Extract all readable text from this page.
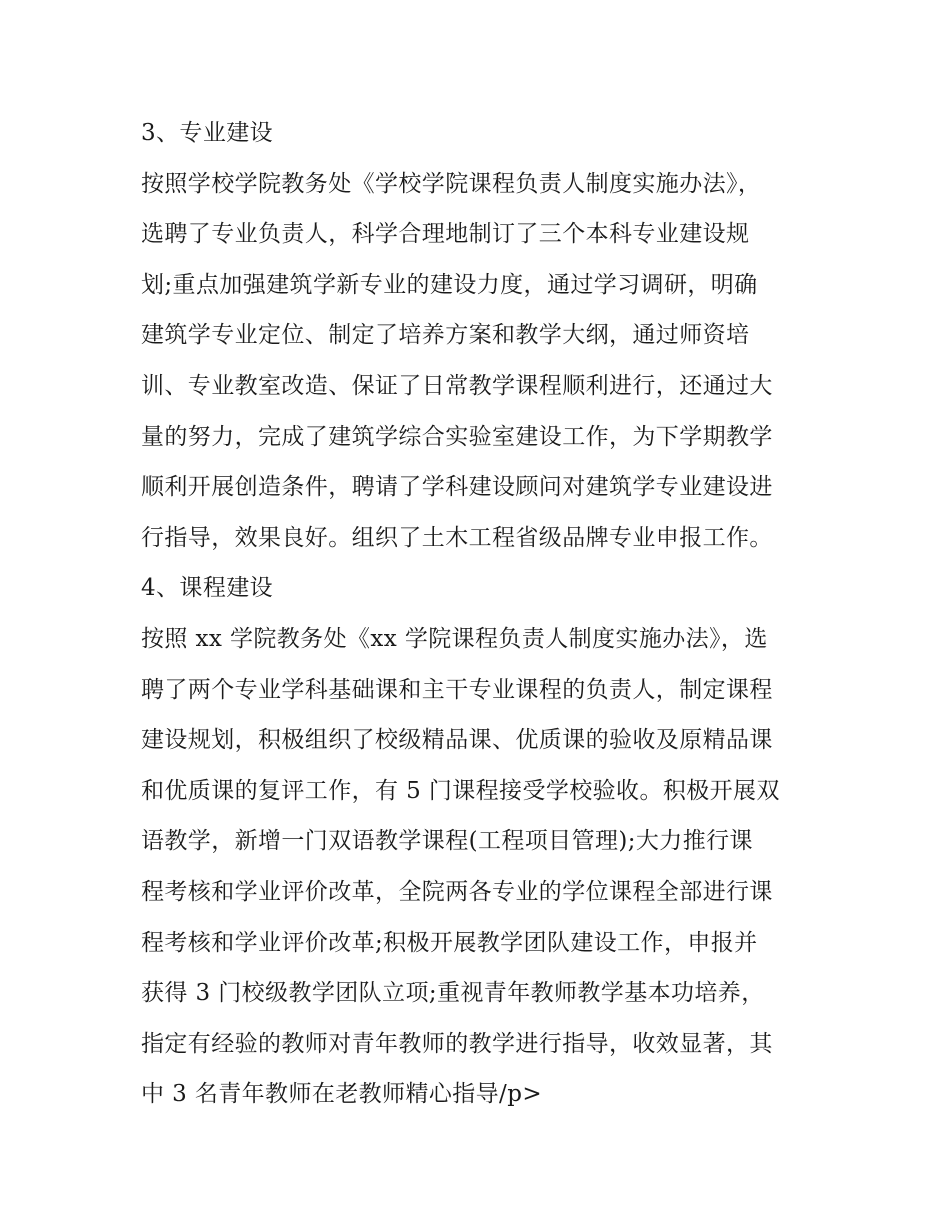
3、专业建设
按照学校学院教务处《学校学院课程负责人制度实施办法》，
选聘了专业负责人，科学合理地制订了三个本科专业建设规
划;重点加强建筑学新专业的建设力度，通过学习调研，明确
建筑学专业定位、制定了培养方案和教学大纲，通过师资培
训、专业教室改造、保证了日常教学课程顺利进行，还通过大
量的努力，完成了建筑学综合实验室建设工作，为下学期教学
顺利开展创造条件，聘请了学科建设顾问对建筑学专业建设进
行指导，效果良好。组织了土木工程省级品牌专业申报工作。
4、课程建设
按照 xx 学院教务处《xx 学院课程负责人制度实施办法》，选
聘了两个专业学科基础课和主干专业课程的负责人，制定课程
建设规划，积极组织了校级精品课、优质课的验收及原精品课
和优质课的复评工作，有 5 门课程接受学校验收。积极开展双
语教学，新增一门双语教学课程(工程项目管理);大力推行课
程考核和学业评价改革，全院两各专业的学位课程全部进行课
程考核和学业评价改革;积极开展教学团队建设工作，申报并
获得 3 门校级教学团队立项;重视青年教师教学基本功培养，
指定有经验的教师对青年教师的教学进行指导，收效显著，其
中 3 名青年教师在老教师精心指导/p>
